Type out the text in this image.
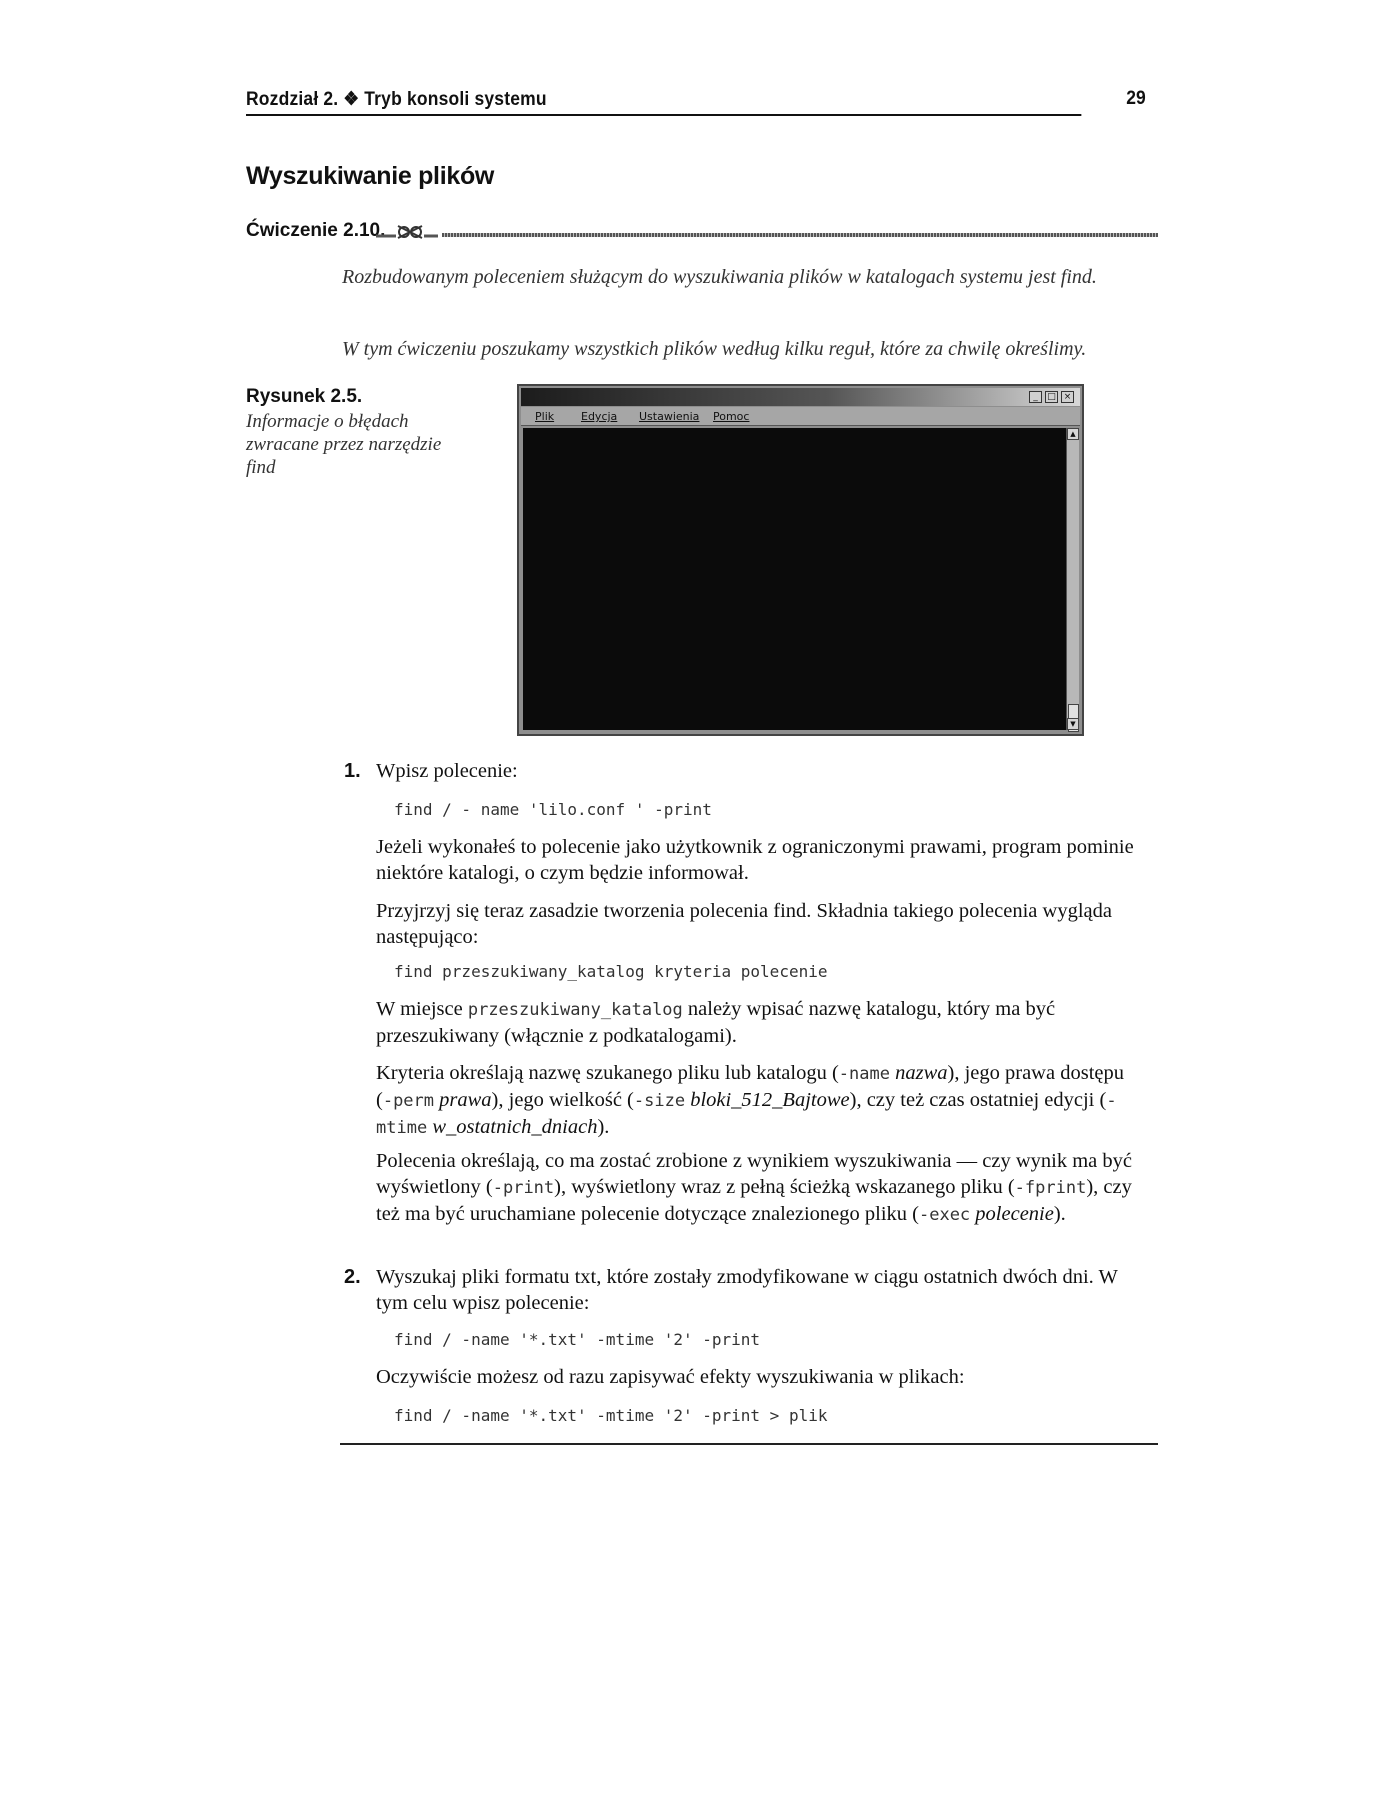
Rozdział 2. ❖ Tryb konsoli systemu	29
Wyszukiwanie plików
Ćwiczenie 2.10.
Rozbudowanym poleceniem służącym do wyszukiwania plików w katalogach systemu jest find.
W tym ćwiczeniu poszukamy wszystkich plików według kilku reguł, które za chwilę określimy.
Rysunek 2.5.
Informacje o błędach zwracane przez narzędzie find
_	□ ×
Plik Edycja Ustawienia Pomoc
▲
▼
1. Wpisz polecenie:
find / - name 'lilo.conf ' -print
Jeżeli wykonałeś to polecenie jako użytkownik z ograniczonymi prawami, program pominie niektóre katalogi, o czym będzie informował.
Przyjrzyj się teraz zasadzie tworzenia polecenia find. Składnia takiego polecenia wygląda następująco:
find przeszukiwany_katalog kryteria polecenie
W miejsce przeszukiwany_katalog należy wpisać nazwę katalogu, który ma być przeszukiwany (włącznie z podkatalogami).
Kryteria określają nazwę szukanego pliku lub katalogu (-name nazwa), jego prawa dostępu (-perm prawa), jego wielkość (-size bloki_512_Bajtowe), czy też czas ostatniej edycji (-mtime w_ostatnich_dniach).
Polecenia określają, co ma zostać zrobione z wynikiem wyszukiwania — czy wynik ma być wyświetlony (-print), wyświetlony wraz z pełną ścieżką wskazanego pliku (-fprint), czy też ma być uruchamiane polecenie dotyczące znalezionego pliku (-exec polecenie).
2. Wyszukaj pliki formatu txt, które zostały zmodyfikowane w ciągu ostatnich dwóch dni. W tym celu wpisz polecenie:
find / -name '*.txt' -mtime '2' -print
Oczywiście możesz od razu zapisywać efekty wyszukiwania w plikach:
find / -name '*.txt' -mtime '2' -print > plik
